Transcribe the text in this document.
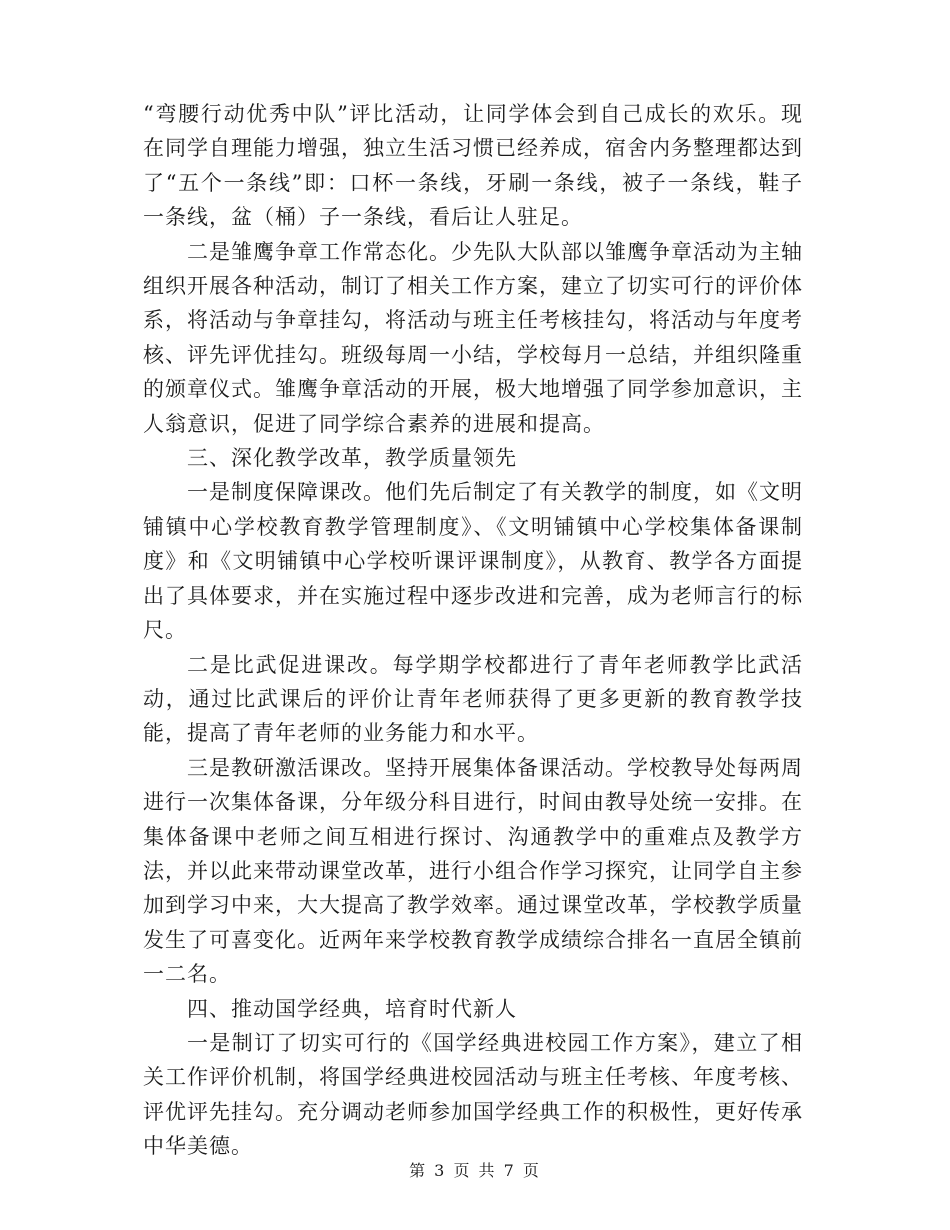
“弯腰行动优秀中队”评比活动，让同学体会到自己成长的欢乐。现在同学自理能力增强，独立生活习惯已经养成，宿舍内务整理都达到了“五个一条线”即：口杯一条线，牙刷一条线，被子一条线，鞋子一条线，盆（桶）子一条线，看后让人驻足。

二是雏鹰争章工作常态化。少先队大队部以雏鹰争章活动为主轴组织开展各种活动，制订了相关工作方案，建立了切实可行的评价体系，将活动与争章挂勾，将活动与班主任考核挂勾，将活动与年度考核、评先评优挂勾。班级每周一小结，学校每月一总结，并组织隆重的颁章仪式。雏鹰争章活动的开展，极大地增强了同学参加意识，主人翁意识，促进了同学综合素养的进展和提高。

三、深化教学改革，教学质量领先

一是制度保障课改。他们先后制定了有关教学的制度，如《文明铺镇中心学校教育教学管理制度》、《文明铺镇中心学校集体备课制度》和《文明铺镇中心学校听课评课制度》，从教育、教学各方面提出了具体要求，并在实施过程中逐步改进和完善，成为老师言行的标尺。

二是比武促进课改。每学期学校都进行了青年老师教学比武活动，通过比武课后的评价让青年老师获得了更多更新的教育教学技能，提高了青年老师的业务能力和水平。

三是教研激活课改。坚持开展集体备课活动。学校教导处每两周进行一次集体备课，分年级分科目进行，时间由教导处统一安排。在集体备课中老师之间互相进行探讨、沟通教学中的重难点及教学方法，并以此来带动课堂改革，进行小组合作学习探究，让同学自主参加到学习中来，大大提高了教学效率。通过课堂改革，学校教学质量发生了可喜变化。近两年来学校教育教学成绩综合排名一直居全镇前一二名。

四、推动国学经典，培育时代新人

一是制订了切实可行的《国学经典进校园工作方案》，建立了相关工作评价机制，将国学经典进校园活动与班主任考核、年度考核、评优评先挂勾。充分调动老师参加国学经典工作的积极性，更好传承中华美德。

第 3 页 共 7 页
